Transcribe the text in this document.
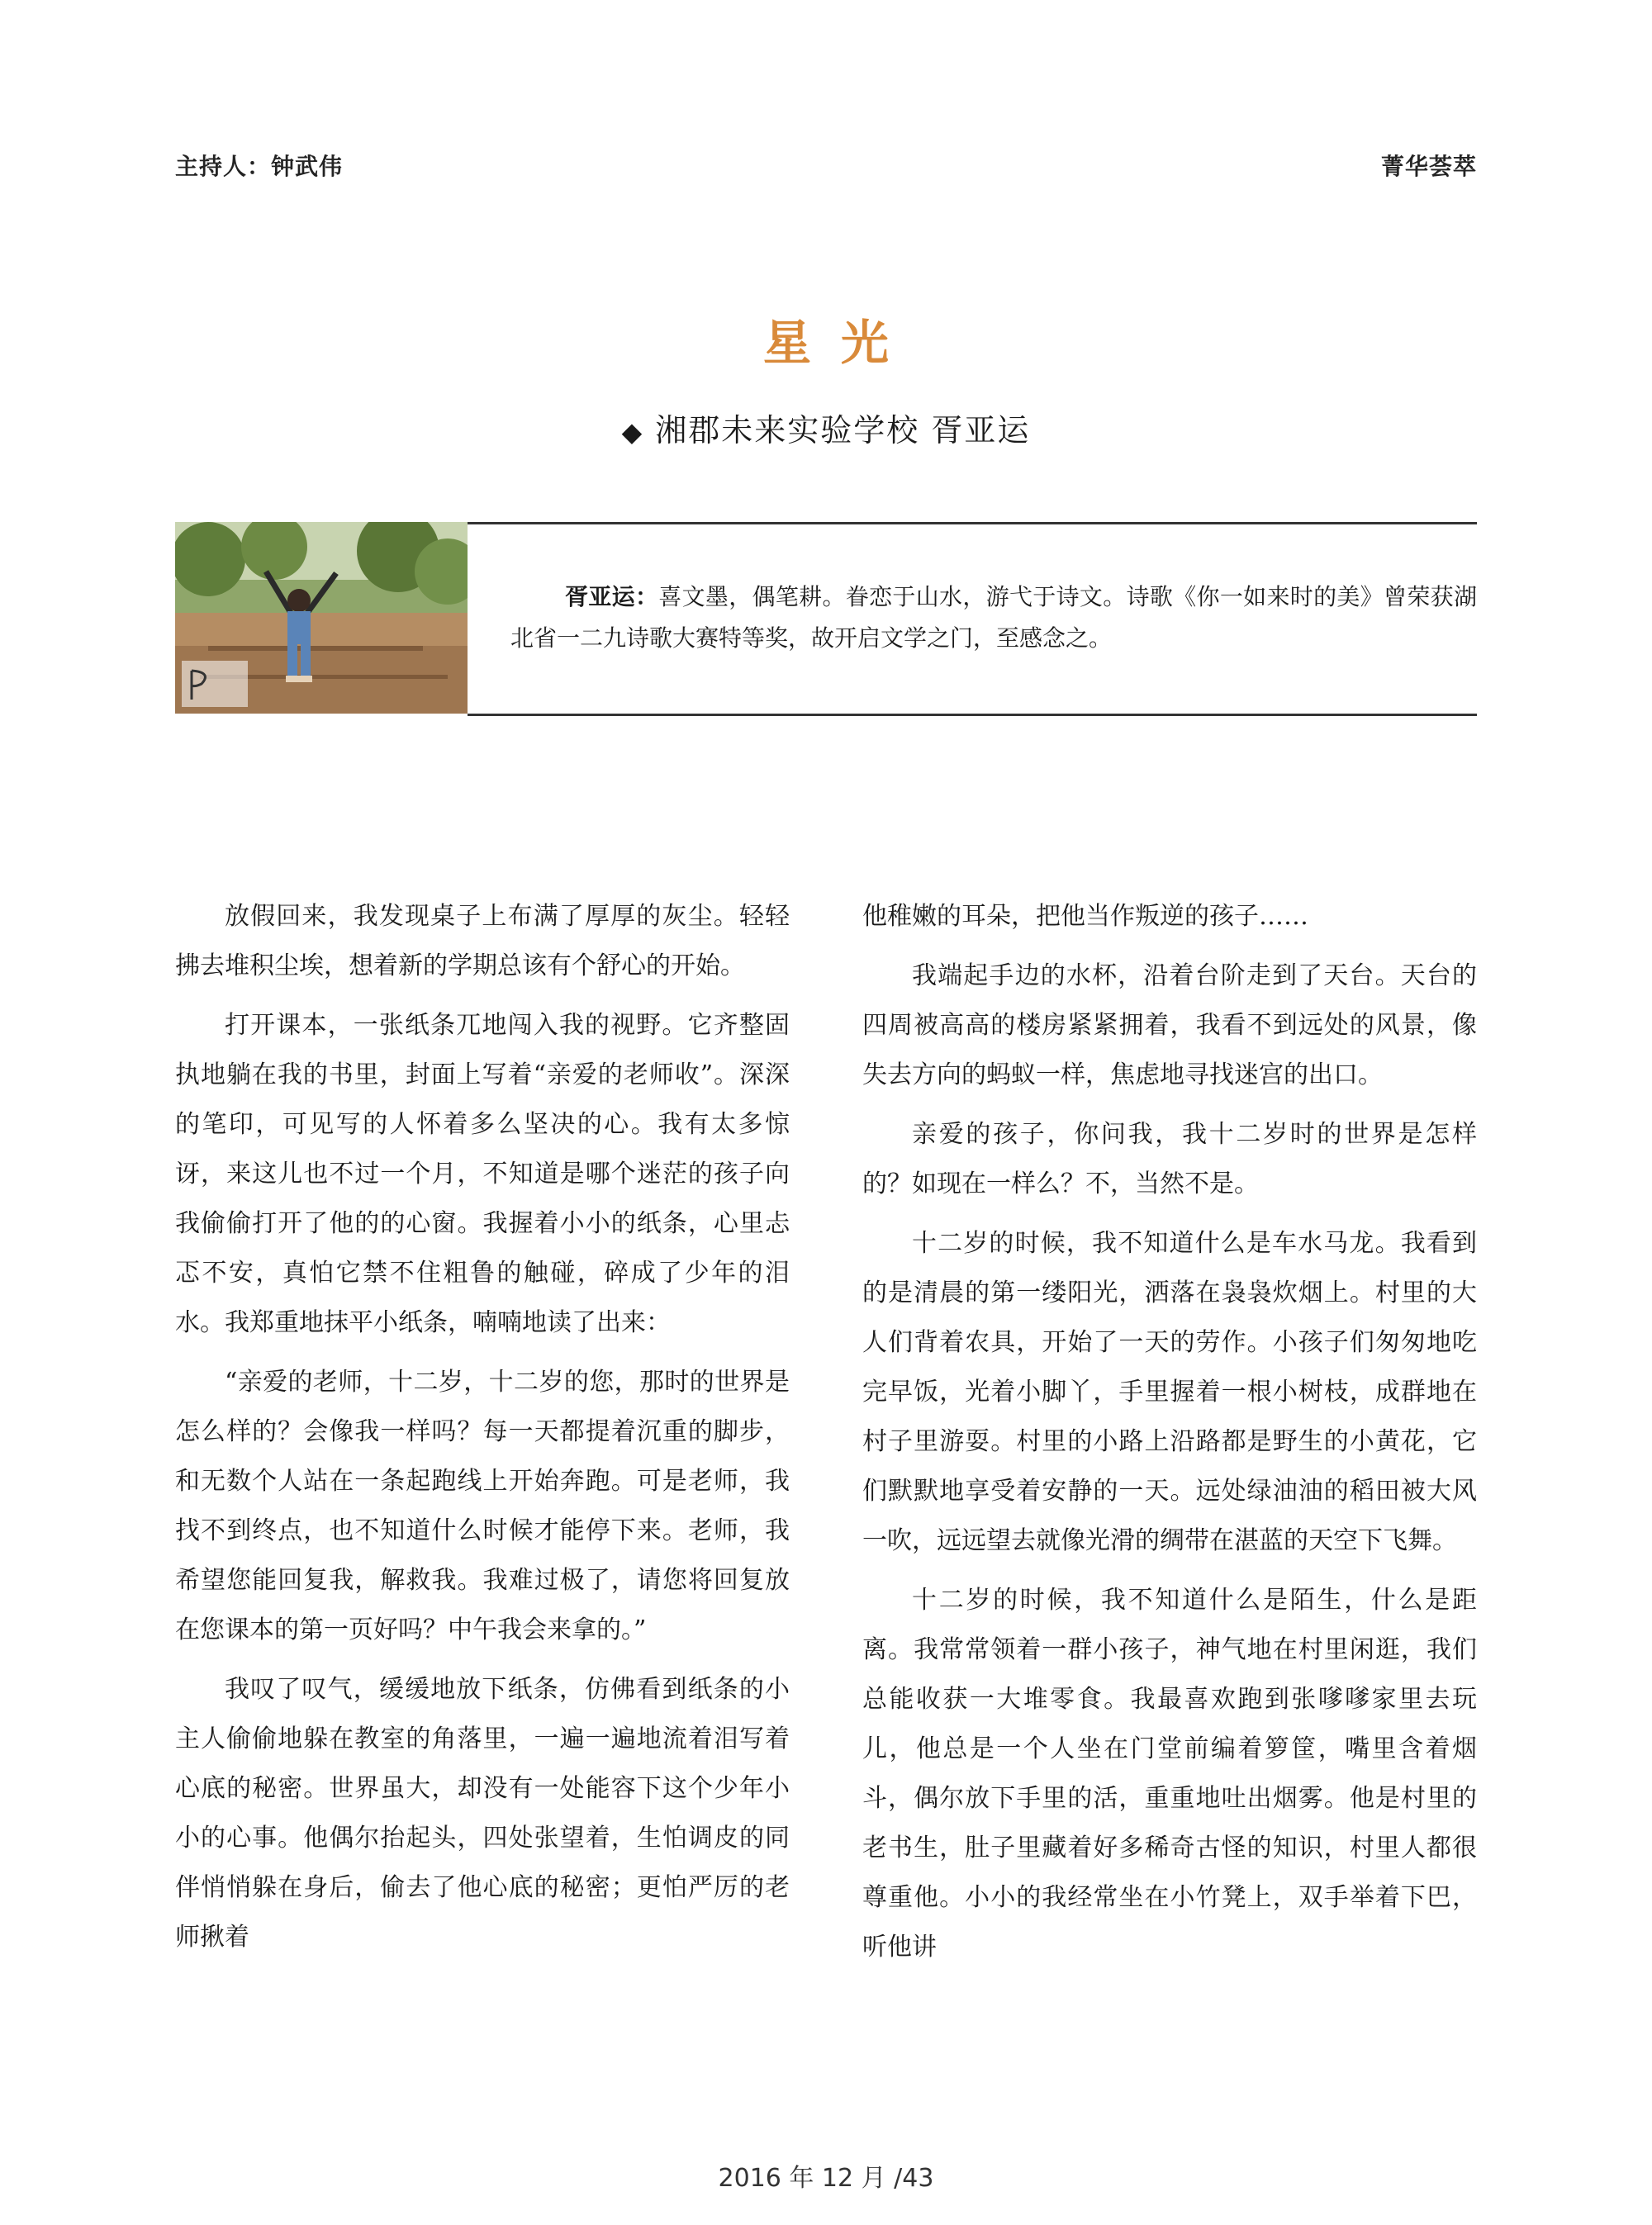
主持人：钟武伟	菁华荟萃
星光
◆ 湘郡未来实验学校 胥亚运
胥亚运：喜文墨，偶笔耕。眷恋于山水，游弋于诗文。诗歌《你一如来时的美》曾荣获湖北省一二九诗歌大赛特等奖，故开启文学之门，至感念之。

放假回来，我发现桌子上布满了厚厚的灰尘。轻轻拂去堆积尘埃，想着新的学期总该有个舒心的开始。

打开课本，一张纸条兀地闯入我的视野。它齐整固执地躺在我的书里，封面上写着“亲爱的老师收”。深深的笔印，可见写的人怀着多么坚决的心。我有太多惊讶，来这儿也不过一个月，不知道是哪个迷茫的孩子向我偷偷打开了他的的心窗。我握着小小的纸条，心里忐忑不安，真怕它禁不住粗鲁的触碰，碎成了少年的泪水。我郑重地抹平小纸条，喃喃地读了出来：

“亲爱的老师，十二岁，十二岁的您，那时的世界是怎么样的？会像我一样吗？每一天都提着沉重的脚步，和无数个人站在一条起跑线上开始奔跑。可是老师，我找不到终点，也不知道什么时候才能停下来。老师，我希望您能回复我，解救我。我难过极了，请您将回复放在您课本的第一页好吗？中午我会来拿的。”

我叹了叹气，缓缓地放下纸条，仿佛看到纸条的小主人偷偷地躲在教室的角落里，一遍一遍地流着泪写着心底的秘密。世界虽大，却没有一处能容下这个少年小小的心事。他偶尔抬起头，四处张望着，生怕调皮的同伴悄悄躲在身后，偷去了他心底的秘密；更怕严厉的老师揪着

他稚嫩的耳朵，把他当作叛逆的孩子……

我端起手边的水杯，沿着台阶走到了天台。天台的四周被高高的楼房紧紧拥着，我看不到远处的风景，像失去方向的蚂蚁一样，焦虑地寻找迷宫的出口。

亲爱的孩子，你问我，我十二岁时的世界是怎样的？如现在一样么？不，当然不是。

十二岁的时候，我不知道什么是车水马龙。我看到的是清晨的第一缕阳光，洒落在袅袅炊烟上。村里的大人们背着农具，开始了一天的劳作。小孩子们匆匆地吃完早饭，光着小脚丫，手里握着一根小树枝，成群地在村子里游耍。村里的小路上沿路都是野生的小黄花，它们默默地享受着安静的一天。远处绿油油的稻田被大风一吹，远远望去就像光滑的绸带在湛蓝的天空下飞舞。

十二岁的时候，我不知道什么是陌生，什么是距离。我常常领着一群小孩子，神气地在村里闲逛，我们总能收获一大堆零食。我最喜欢跑到张嗲嗲家里去玩儿，他总是一个人坐在门堂前编着箩筐，嘴里含着烟斗，偶尔放下手里的活，重重地吐出烟雾。他是村里的老书生，肚子里藏着好多稀奇古怪的知识，村里人都很尊重他。小小的我经常坐在小竹凳上，双手举着下巴，听他讲

2016 年 12 月 /43
